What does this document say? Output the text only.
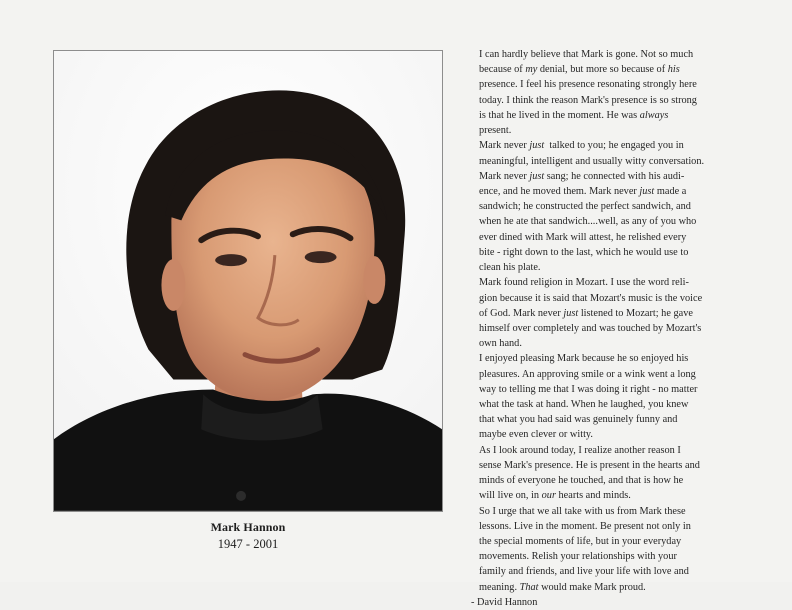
Mark Hannon
1947 - 2001

I can hardly believe that Mark is gone. Not so much
because of my denial, but more so because of his
presence. I feel his presence resonating strongly here
today. I think the reason Mark's presence is so strong
is that he lived in the moment. He was always
present.

Mark never just  talked to you; he engaged you in
meaningful, intelligent and usually witty conversation.
Mark never just sang; he connected with his audi-
ence, and he moved them. Mark never just made a
sandwich; he constructed the perfect sandwich, and
when he ate that sandwich....well, as any of you who
ever dined with Mark will attest, he relished every
bite - right down to the last, which he would use to
clean his plate.

Mark found religion in Mozart. I use the word reli-
gion because it is said that Mozart's music is the voice
of God. Mark never just listened to Mozart; he gave
himself over completely and was touched by Mozart's
own hand.

I enjoyed pleasing Mark because he so enjoyed his
pleasures. An approving smile or a wink went a long
way to telling me that I was doing it right - no matter
what the task at hand. When he laughed, you knew
that what you had said was genuinely funny and
maybe even clever or witty.

As I look around today, I realize another reason I
sense Mark's presence. He is present in the hearts and
minds of everyone he touched, and that is how he
will live on, in our hearts and minds.

So I urge that we all take with us from Mark these
lessons. Live in the moment. Be present not only in
the special moments of life, but in your everyday
movements. Relish your relationships with your
family and friends, and live your life with love and
meaning. That would make Mark proud.

- David Hannon
